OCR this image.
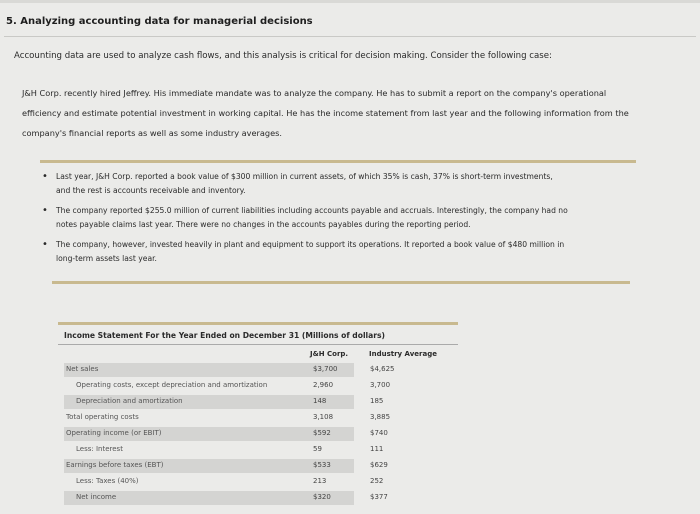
5. Analyzing accounting data for managerial decisions
Accounting data are used to analyze cash flows, and this analysis is critical for decision making. Consider the following case:
J&H Corp. recently hired Jeffrey. His immediate mandate was to analyze the company. He has to submit a report on the company's operational
efficiency and estimate potential investment in working capital. He has the income statement from last year and the following information from the
company's financial reports as well as some industry averages.
• Last year, J&H Corp. reported a book value of $300 million in current assets, of which 35% is cash, 37% is short-term investments,
and the rest is accounts receivable and inventory.
• The company reported $255.0 million of current liabilities including accounts payable and accruals. Interestingly, the company had no
notes payable claims last year. There were no changes in the accounts payables during the reporting period.
• The company, however, invested heavily in plant and equipment to support its operations. It reported a book value of $480 million in
long-term assets last year.
Income Statement For the Year Ended on December 31 (Millions of dollars)
J&H Corp.	Industry Average
Net sales	$3,700	$4,625
Operating costs, except depreciation and amortization	2,960	3,700
Depreciation and amortization	148	185
Total operating costs	3,108	3,885
Operating income (or EBIT)	$592	$740
Less: Interest	59	111
Earnings before taxes (EBT)	$533	$629
Less: Taxes (40%)	213	252
Net income	$320	$377
